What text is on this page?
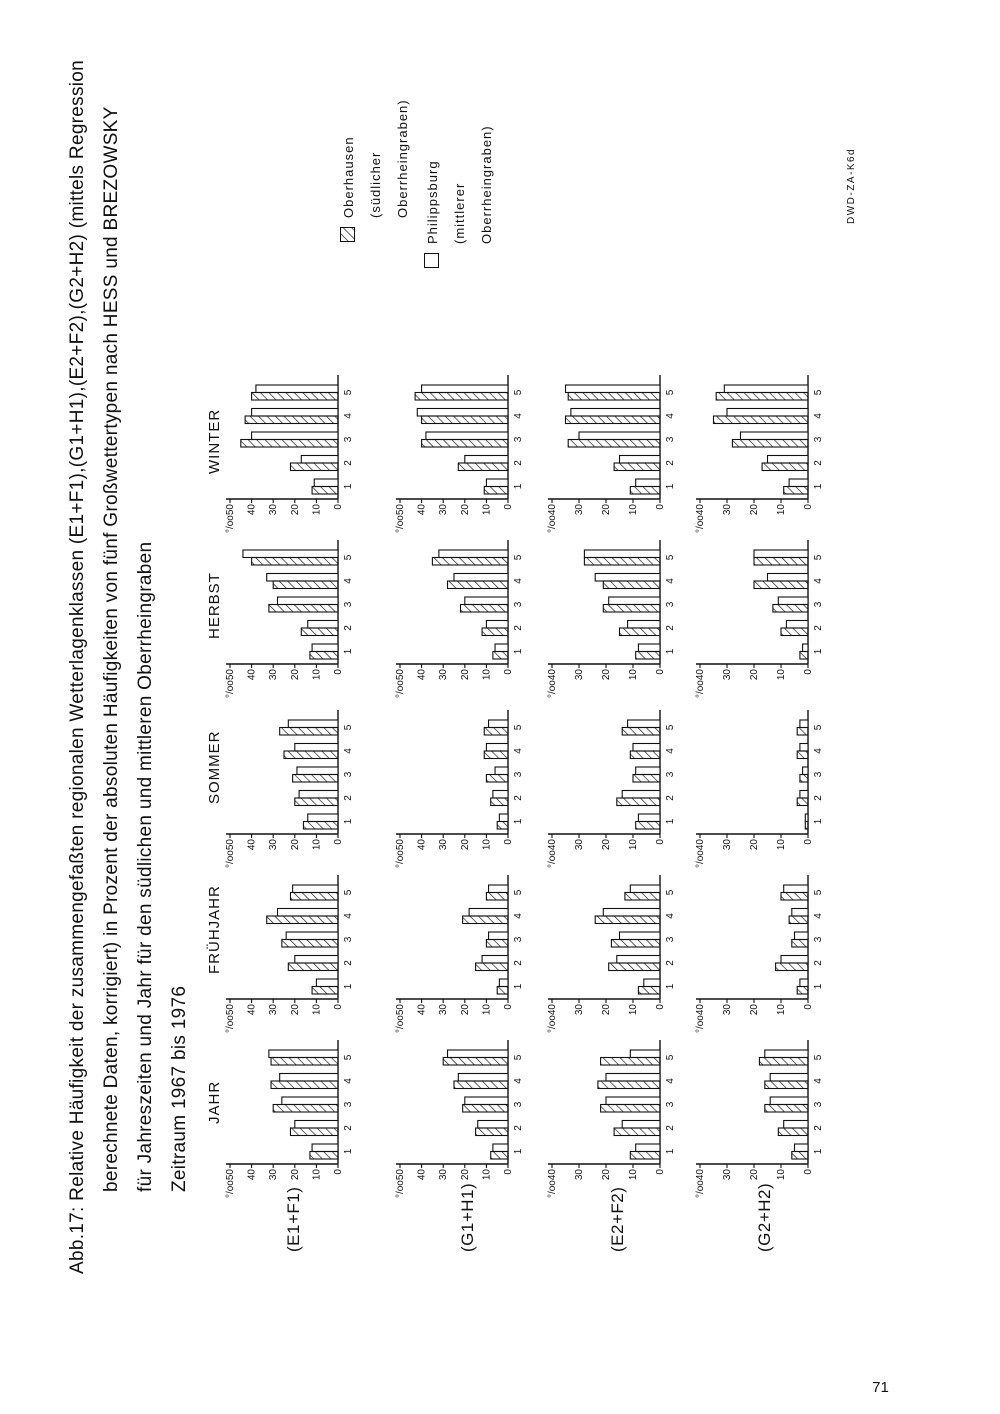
Abb.17: Relative Häufigkeit der zusammengefaßten regionalen Wetterlagenklassen (E1+F1),(G1+H1),(E2+F2),(G2+H2) (mittels Regression berechnete Daten, korrigiert) in Prozent der absoluten Häufigkeiten von fünf Großwettertypen nach HESS und BREZOWSKY für Jahreszeiten und Jahr für den südlichen und mittleren Oberrheingraben Zeitraum 1967 bis 1976 JAHR
FRÜHJAHR
SOMMER
HERBST
WINTER
(E1+F1)	(G1+H1)	(E2+F2)	(G2+H2)
0
10
20
30
40
°/oo50
1
2
3
4
5
0
10
20
30
40
°/oo50
1
2
3
4
5
0
10
20
30
40
°/oo50
1
2
3
4
5
0
10
20
30
40
°/oo50
1
2
3
4
5
0
10
20
30
40
°/oo50
1
2
3
4
5
0
10
20
30
40
°/oo50
1
2
3
4
5
0
10
20
30
40
°/oo50
1
2
3
4
5
0
10
20
30
40
°/oo50
1
2
3
4
5
0
10
20
30
40
°/oo50
1
2
3
4
5
0
10
20
30
40
°/oo50
1
2
3
4
5
0
10
20
30
°/oo40
1
2
3
4
5
0
10
20
30
°/oo40
1
2
3
4
5
0
10
20
30
°/oo40
1
2
3
4
5
0
10
20
30
°/oo40
1
2
3
4
5
0
10
20
30
°/oo40
1
2
3
4
5
0
10
20
30
°/oo40
1
2
3
4
5
0
10
20
30
°/oo40
1
2
3
4
5
0
10
20
30
°/oo40
1
2
3
4
5
0
10
20
30
°/oo40
1
2
3
4
5
0
10
20
30
°/oo40
1
2
3
4
5
Oberhausen (südlicher Oberrheingraben) Philippsburg (mittlerer Oberrheingraben)	DWD-ZA-K6d
71
